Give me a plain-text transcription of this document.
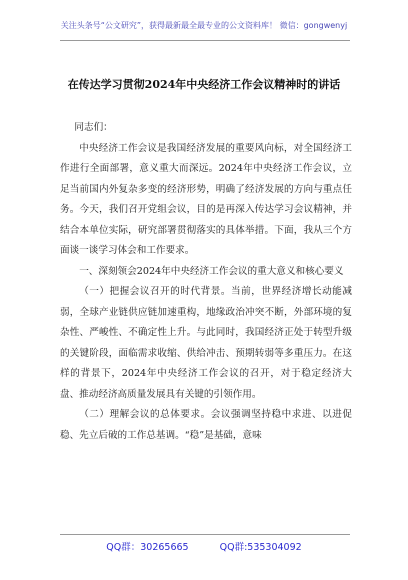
关注头条号“公文研究”，获得最新最全最专业的公文资料库！ 微信：gongwenyj
在传达学习贯彻2024年中央经济工作会议精神时的讲话

同志们：

中央经济工作会议是我国经济发展的重要风向标，对全国经济工作进行全面部署，意义重大而深远。2024年中央经济工作会议，立足当前国内外复杂多变的经济形势，明确了经济发展的方向与重点任务。今天，我们召开党组会议，目的是再深入传达学习会议精神，并结合本单位实际，研究部署贯彻落实的具体举措。下面，我从三个方面谈一谈学习体会和工作要求。

一、深刻领会2024年中央经济工作会议的重大意义和核心要义

（一）把握会议召开的时代背景。当前，世界经济增长动能减弱，全球产业链供应链加速重构，地缘政治冲突不断，外部环境的复杂性、严峻性、不确定性上升。与此同时，我国经济正处于转型升级的关键阶段，面临需求收缩、供给冲击、预期转弱等多重压力。在这样的背景下，2024年中央经济工作会议的召开，对于稳定经济大盘、推动经济高质量发展具有关键的引领作用。

（二）理解会议的总体要求。会议强调坚持稳中求进、以进促稳、先立后破的工作总基调。“稳”是基础，意味

QQ群：30265665	QQ群:535304092
